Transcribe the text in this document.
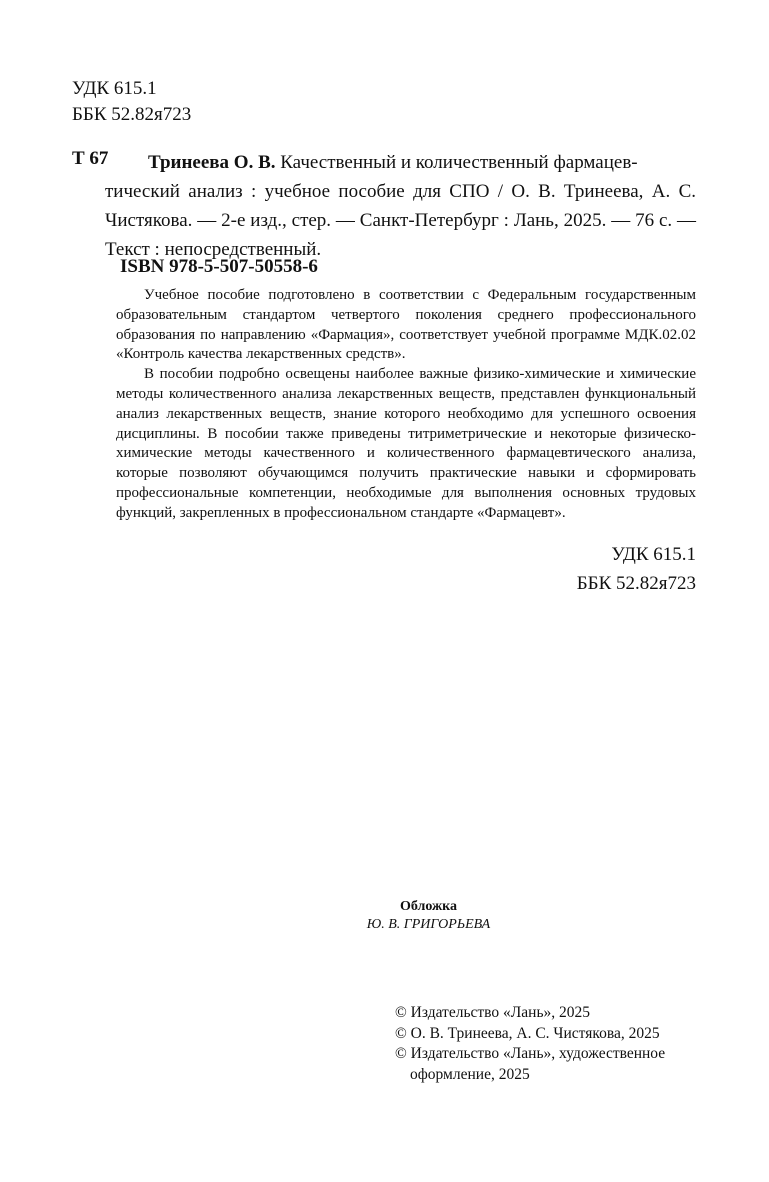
УДК 615.1
ББК 52.82я723
Т 67 Тринеева О. В. Качественный и количественный фармацев-
тический анализ : учебное пособие для СПО / О. В. Тринеева, А. С. Чистякова. — 2-е изд., стер. — Санкт-Петербург : Лань, 2025. — 76 с. — Текст : непосредственный.
ISBN 978-5-507-50558-6

Учебное пособие подготовлено в соответствии с Федеральным государственным образовательным стандартом четвертого поколения среднего профессионального образования по направлению «Фармация», соответствует учебной программе МДК.02.02 «Контроль качества лекарственных средств».

В пособии подробно освещены наиболее важные физико-химические и химические методы количественного анализа лекарственных веществ, представлен функциональный анализ лекарственных веществ, знание которого необходимо для успешного освоения дисциплины. В пособии также приведены титриметрические и некоторые физическо-химические методы качественного и количественного фармацевтического анализа, которые позволяют обучающимся получить практические навыки и сформировать профессиональные компетенции, необходимые для выполнения основных трудовых функций, закрепленных в профессиональном стандарте «Фармацевт».

УДК 615.1
ББК 52.82я723
Обложка
Ю. В. ГРИГОРЬЕВА
© Издательство «Лань», 2025
© О. В. Тринеева, А. С. Чистякова, 2025
© Издательство «Лань», художественное
оформление, 2025
